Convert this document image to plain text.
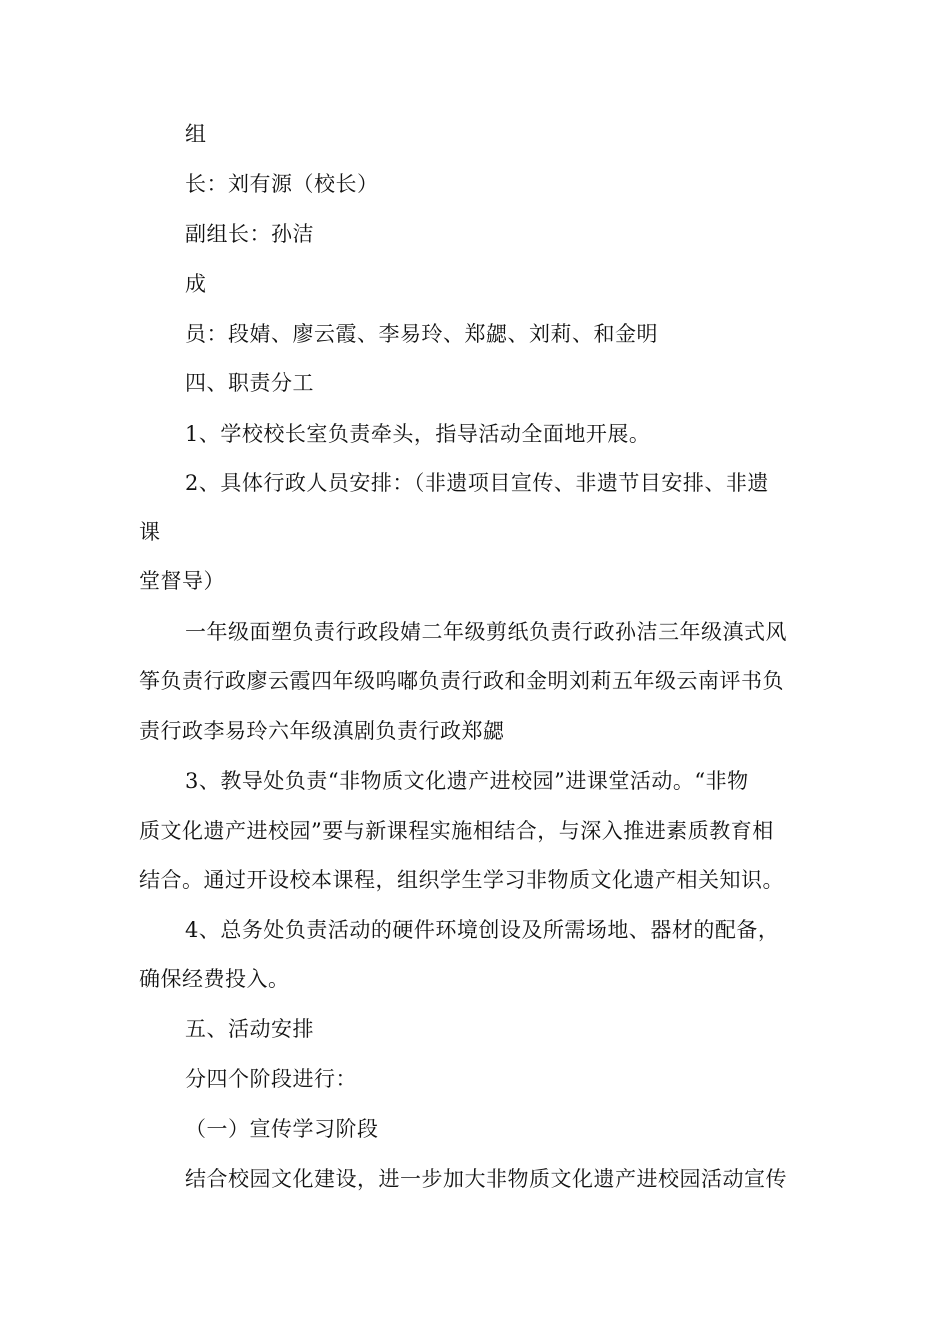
组
长：刘有源（校长）
副组长：孙洁
成
员：段婧、廖云霞、李易玲、郑勰、刘莉、和金明
四、职责分工
1、学校校长室负责牵头，指导活动全面地开展。
2、具体行政人员安排：（非遗项目宣传、非遗节目安排、非遗
课
堂督导）
一年级面塑负责行政段婧二年级剪纸负责行政孙洁三年级滇式风
筝负责行政廖云霞四年级呜嘟负责行政和金明刘莉五年级云南评书负
责行政李易玲六年级滇剧负责行政郑勰
3、教导处负责“非物质文化遗产进校园”进课堂活动。“非物
质文化遗产进校园”要与新课程实施相结合，与深入推进素质教育相
结合。通过开设校本课程，组织学生学习非物质文化遗产相关知识。
4、总务处负责活动的硬件环境创设及所需场地、器材的配备，
确保经费投入。
五、活动安排
分四个阶段进行：
（一）宣传学习阶段
结合校园文化建设，进一步加大非物质文化遗产进校园活动宣传
